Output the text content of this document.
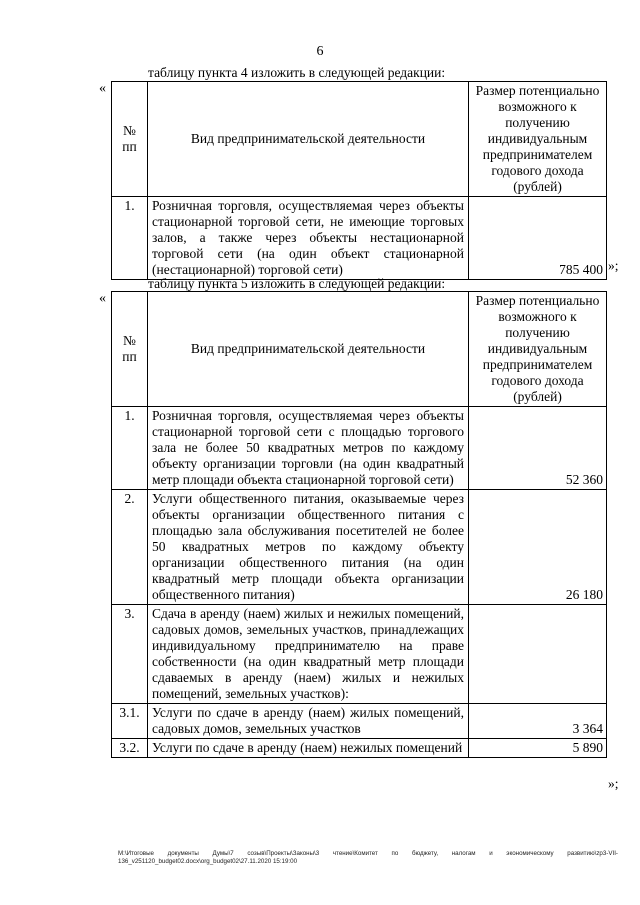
6
таблицу пункта 4 изложить в следующей редакции:
«
№ пп	Вид предпринимательской деятельности	Размер потенциально возможного к получению индивидуальным предпринимателем годового дохода (рублей)
1.	Розничная торговля, осуществляемая через объекты стационарной торговой сети, не имеющие торговых залов, а также через объекты нестационарной торговой сети (на один объект стационарной (нестационарной) торговой сети)	785 400 »;
таблицу пункта 5 изложить в следующей редакции:
«
№ пп	Вид предпринимательской деятельности	Размер потенциально возможного к получению индивидуальным предпринимателем годового дохода (рублей)
1.	Розничная торговля, осуществляемая через объекты стационарной торговой сети с площадью торгового зала не более 50 квадратных метров по каждому объекту организации торговли (на один квадратный метр площади объекта стационарной торговой сети)	52 360
2.	Услуги общественного питания, оказываемые через объекты организации общественного питания с площадью зала обслуживания посетителей не более 50 квадратных метров по каждому объекту организации общественного питания (на один квадратный метр площади объекта организации общественного питания)	26 180
3.	Сдача в аренду (наем) жилых и нежилых помещений, садовых домов, земельных участков, принадлежащих индивидуальному предпринимателю на праве собственности (на один квадратный метр площади сдаваемых в аренду (наем) жилых и нежилых помещений, земельных участков):	
3.1.	Услуги по сдаче в аренду (наем) жилых помещений, садовых домов, земельных участков	3 364
3.2.	Услуги по сдаче в аренду (наем) нежилых помещений	5 890
»;
M:\Итоговые документы Думы\7 созыв\Проекты\Законы\3 чтение\Комитет по бюджету, налогам и экономическому развитию\zp3-VII-136_v251120_budget02.docx\org_budget02\27.11.2020 15:19:00
